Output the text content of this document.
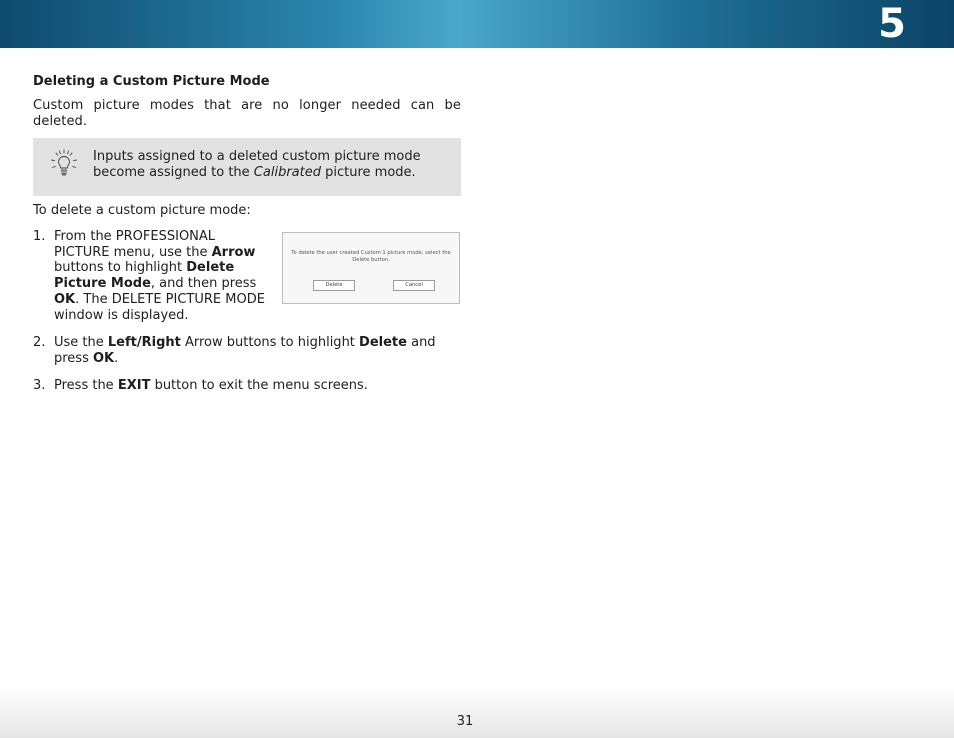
5
Deleting a Custom Picture Mode

Custom picture modes that are no longer needed can be deleted.

Inputs assigned to a deleted custom picture mode become assigned to the Calibrated picture mode.
To delete a custom picture mode:
1. From the PROFESSIONAL PICTURE menu, use the Arrow buttons to highlight Delete Picture Mode, and then press OK. The DELETE PICTURE MODE window is displayed.
To delete the user created Custom 1 picture mode, select the Delete button.
Delete	Cancel
2. Use the Left/Right Arrow buttons to highlight Delete and press OK.
3. Press the EXIT button to exit the menu screens.
31
